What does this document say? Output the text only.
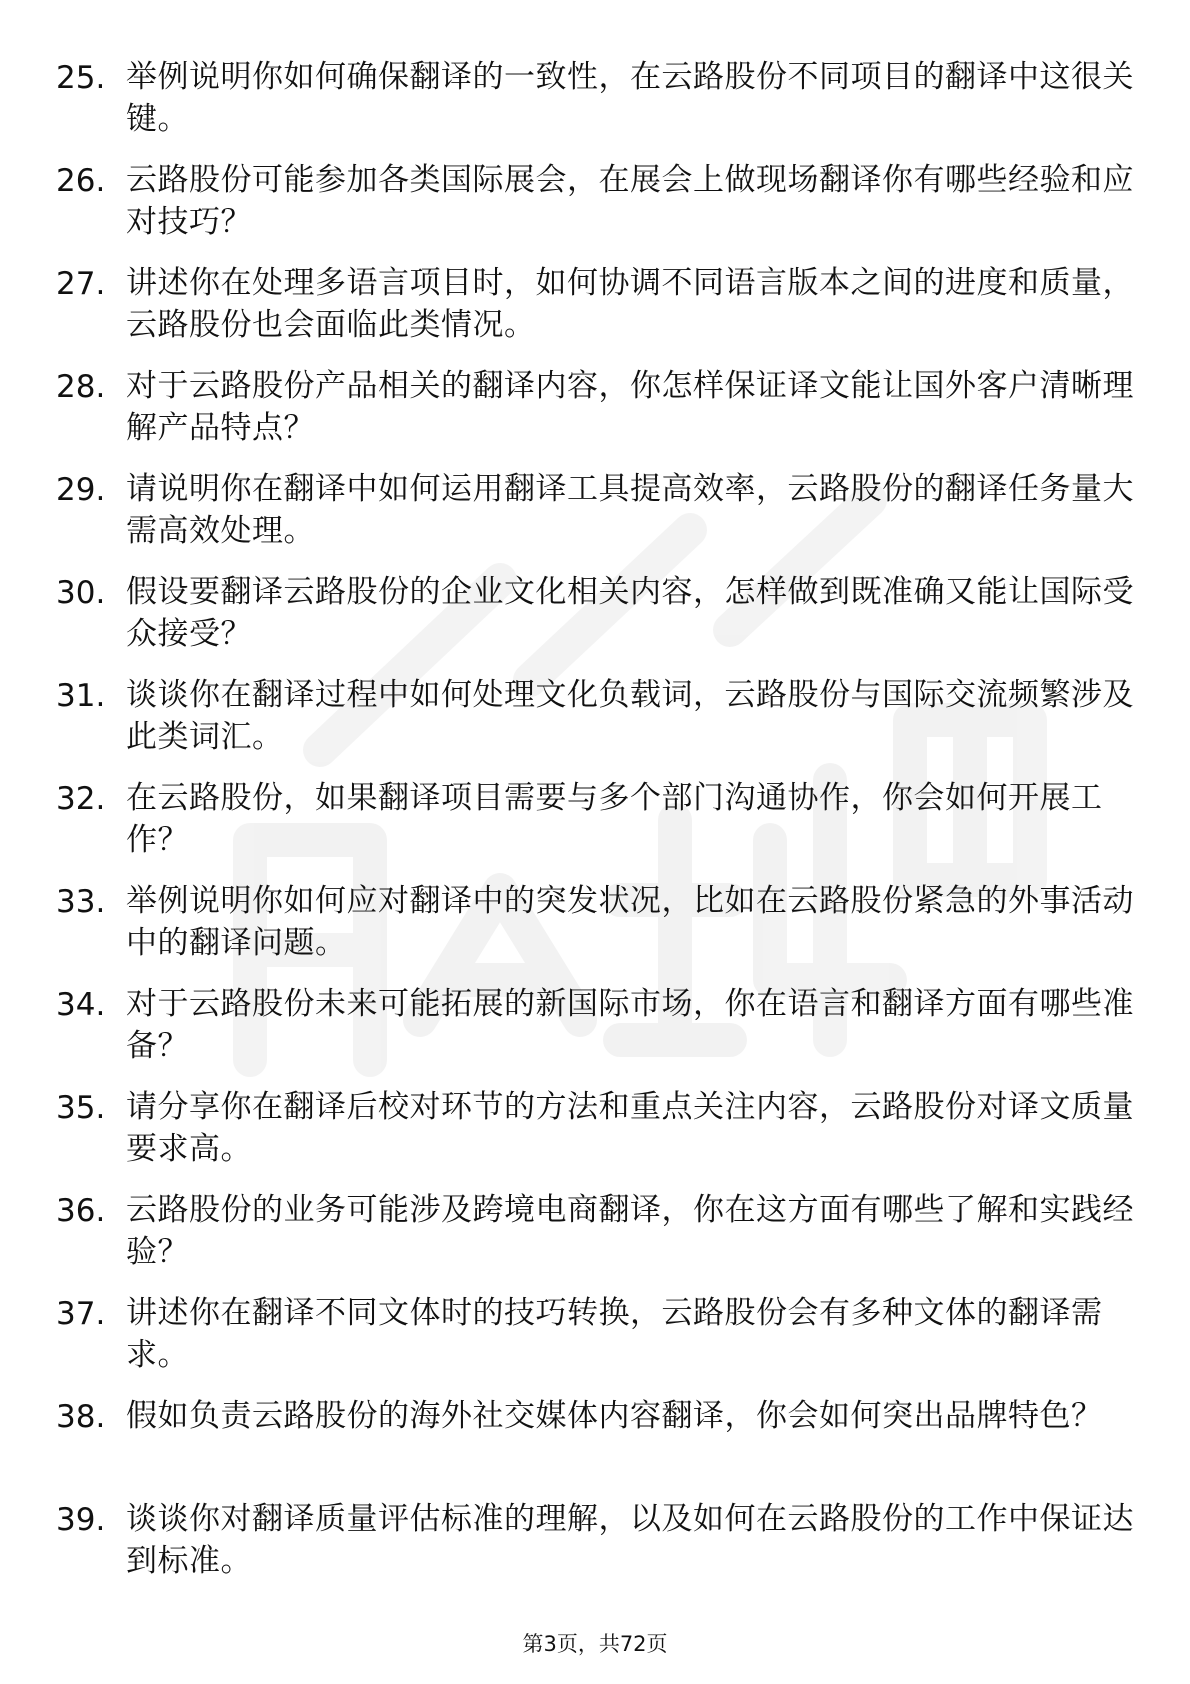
25. 举例说明你如何确保翻译的一致性，在云路股份不同项目的翻译中这很关键。
26. 云路股份可能参加各类国际展会，在展会上做现场翻译你有哪些经验和应对技巧？
27. 讲述你在处理多语言项目时，如何协调不同语言版本之间的进度和质量，云路股份也会面临此类情况。
28. 对于云路股份产品相关的翻译内容，你怎样保证译文能让国外客户清晰理解产品特点？
29. 请说明你在翻译中如何运用翻译工具提高效率，云路股份的翻译任务量大需高效处理。
30. 假设要翻译云路股份的企业文化相关内容，怎样做到既准确又能让国际受众接受？
31. 谈谈你在翻译过程中如何处理文化负载词，云路股份与国际交流频繁涉及此类词汇。
32. 在云路股份，如果翻译项目需要与多个部门沟通协作，你会如何开展工作？
33. 举例说明你如何应对翻译中的突发状况，比如在云路股份紧急的外事活动中的翻译问题。
34. 对于云路股份未来可能拓展的新国际市场，你在语言和翻译方面有哪些准备？
35. 请分享你在翻译后校对环节的方法和重点关注内容，云路股份对译文质量要求高。
36. 云路股份的业务可能涉及跨境电商翻译，你在这方面有哪些了解和实践经验？
37. 讲述你在翻译不同文体时的技巧转换，云路股份会有多种文体的翻译需求。
38. 假如负责云路股份的海外社交媒体内容翻译，你会如何突出品牌特色？
39. 谈谈你对翻译质量评估标准的理解，以及如何在云路股份的工作中保证达到标准。
第3页，共72页
